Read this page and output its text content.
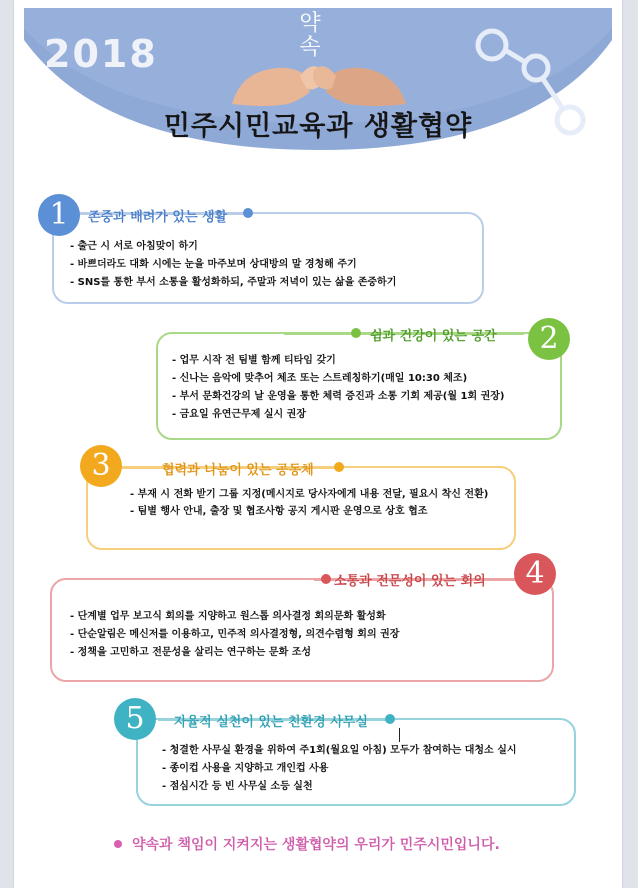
2018
약속
민주시민교육과 생활협약
1	존중과 배려가 있는 생활
- 출근 시 서로 아침맞이 하기
- 바쁘더라도 대화 시에는 눈을 마주보며 상대방의 말 경청해 주기
- SNS를 통한 부서 소통을 활성화하되, 주말과 저녁이 있는 삶을 존중하기
2
쉼과 건강이 있는 공간
- 업무 시작 전 팀별 함께 티타임 갖기
- 신나는 음악에 맞추어 체조 또는 스트레칭하기(매일 10:30 체조)
- 부서 문화건강의 날 운영을 통한 체력 증진과 소통 기회 제공(월 1회 권장)
- 금요일 유연근무제 실시 권장
3	협력과 나눔이 있는 공동체
- 부재 시 전화 받기 그룹 지정(메시지로 당사자에게 내용 전달, 필요시 착신 전환)
- 팀별 행사 안내, 출장 및 협조사항 공지 게시판 운영으로 상호 협조
4
소통과 전문성이 있는 회의
- 단계별 업무 보고식 회의를 지양하고 원스톱 의사결정 회의문화 활성화
- 단순알림은 메신저를 이용하고, 민주적 의사결정형, 의견수렴형 회의 권장
- 정책을 고민하고 전문성을 살리는 연구하는 문화 조성
5	자율적 실천이 있는 친환경 사무실
- 청결한 사무실 환경을 위하여 주1회(월요일 아침) 모두가 참여하는 대청소 실시
- 종이컵 사용을 지양하고 개인컵 사용
- 점심시간 등 빈 사무실 소등 실천
약속과 책임이 지켜지는 생활협약의 우리가 민주시민입니다.
